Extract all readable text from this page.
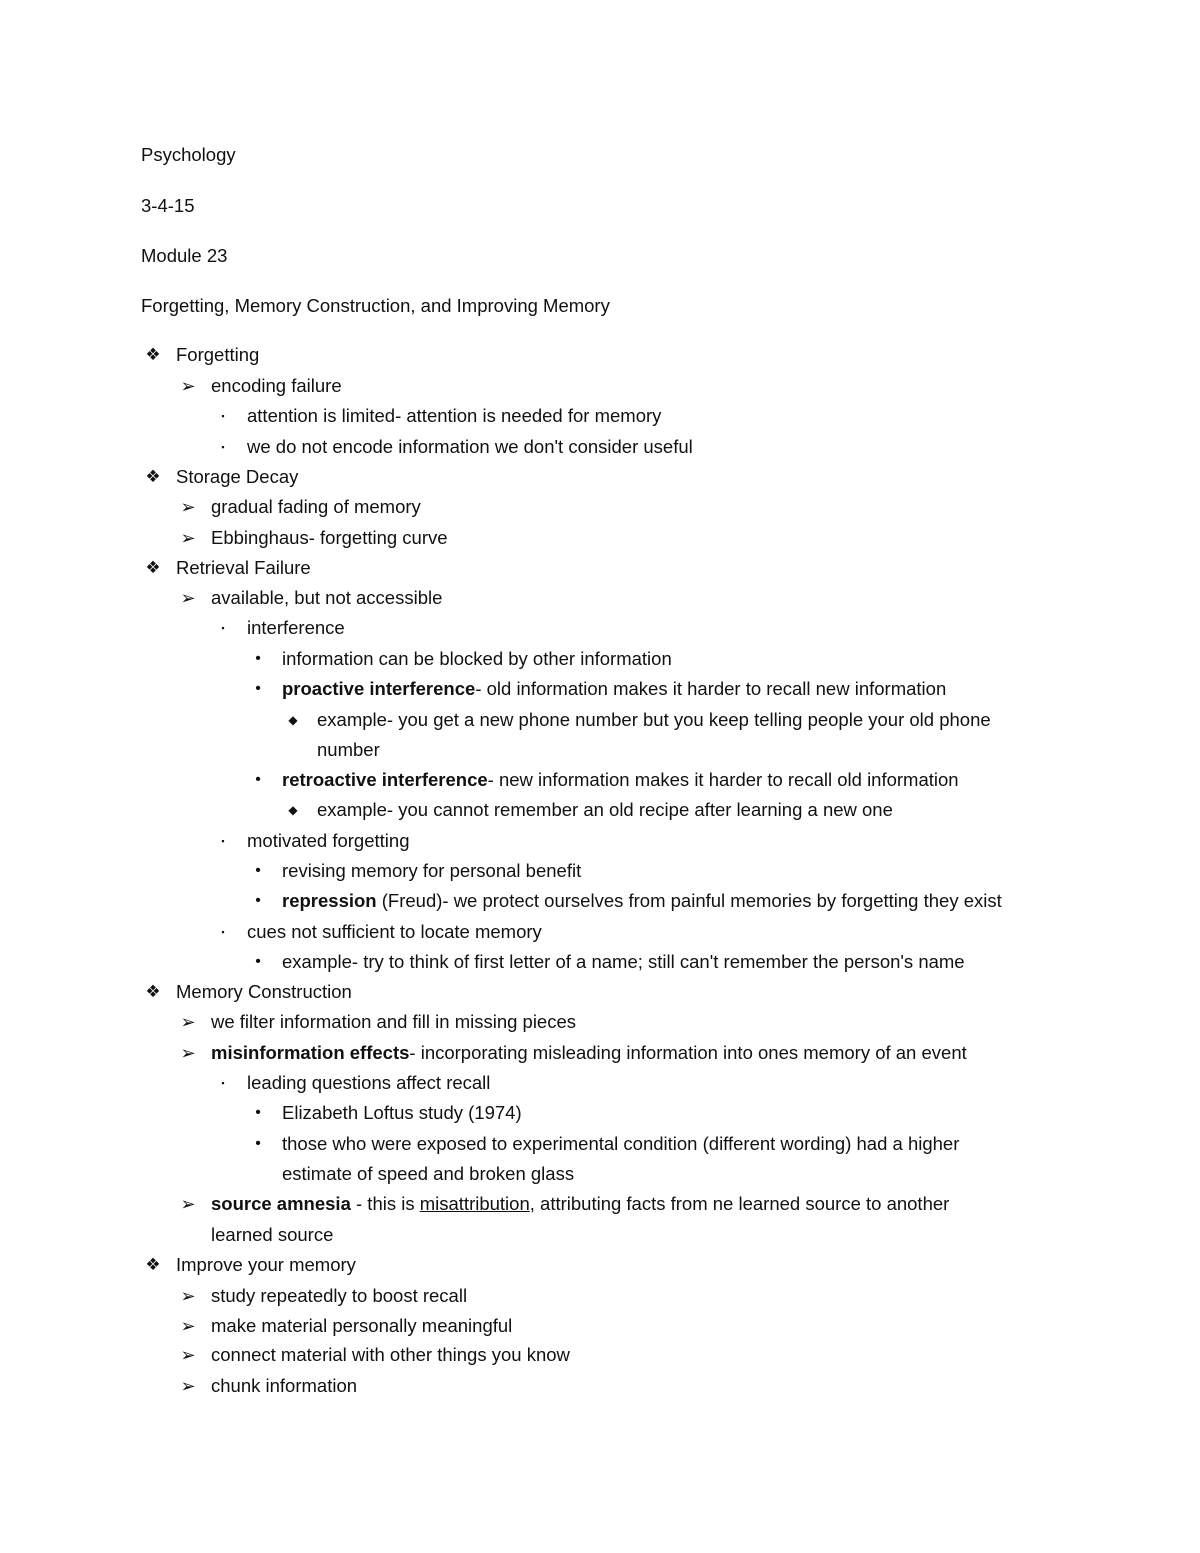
Psychology
3-4-15
Module 23
Forgetting, Memory Construction, and Improving Memory
❖ Forgetting
➢ encoding failure
▪	attention is limited- attention is needed for memory
▪	we do not encode information we don't consider useful
❖ Storage Decay
➢ gradual fading of memory
➢ Ebbinghaus- forgetting curve
❖ Retrieval Failure
➢ available, but not accessible
▪	interference
•	information can be blocked by other information
•	proactive interference- old information makes it harder to recall new information
◆	example- you get a new phone number but you keep telling people your old phone
number
•	retroactive interference- new information makes it harder to recall old information
◆	example- you cannot remember an old recipe after learning a new one
▪	motivated forgetting
•	revising memory for personal benefit
•	repression (Freud)- we protect ourselves from painful memories by forgetting they exist
▪	cues not sufficient to locate memory
•	example- try to think of first letter of a name; still can't remember the person's name
❖ Memory Construction
➢ we filter information and fill in missing pieces
➢ misinformation effects- incorporating misleading information into ones memory of an event
▪	leading questions affect recall
•	Elizabeth Loftus study (1974)
•	those who were exposed to experimental condition (different wording) had a higher
estimate of speed and broken glass
➢ source amnesia - this is misattribution, attributing facts from ne learned source to another
learned source
❖ Improve your memory
➢ study repeatedly to boost recall
➢ make material personally meaningful
➢ connect material with other things you know
➢ chunk information
